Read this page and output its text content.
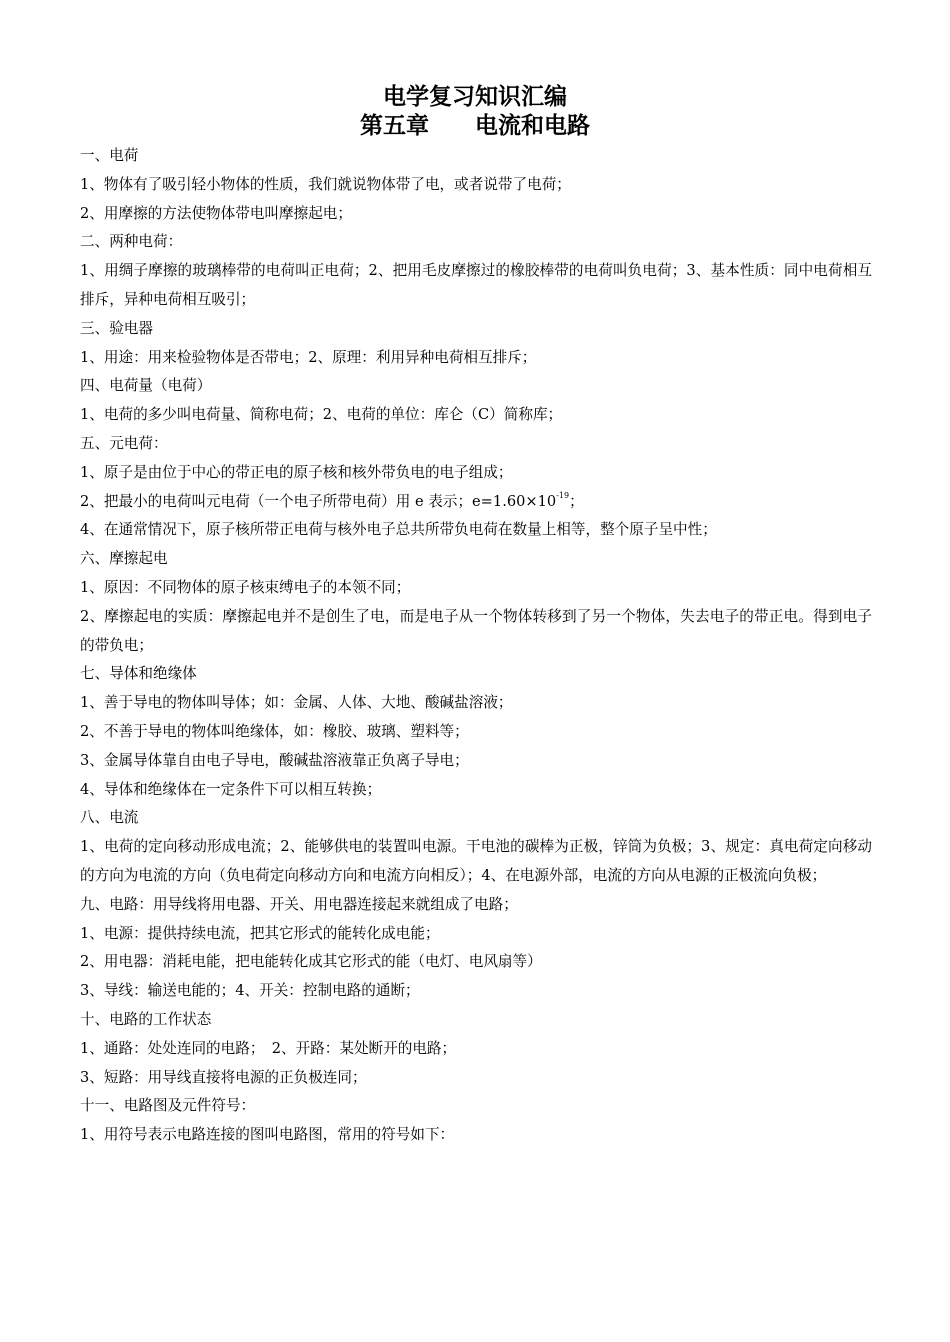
电学复习知识汇编
第五章　　电流和电路
一、电荷
1、物体有了吸引轻小物体的性质，我们就说物体带了电，或者说带了电荷；
2、用摩擦的方法使物体带电叫摩擦起电；
二、两种电荷：
1、用绸子摩擦的玻璃棒带的电荷叫正电荷；2、把用毛皮摩擦过的橡胶棒带的电荷叫负电荷；3、基本性质：同中电荷相互排斥，异种电荷相互吸引；
三、验电器
1、用途：用来检验物体是否带电；2、原理：利用异种电荷相互排斥；
四、电荷量（电荷）
1、电荷的多少叫电荷量、简称电荷；2、电荷的单位：库仑（C）简称库；
五、元电荷：
1、原子是由位于中心的带正电的原子核和核外带负电的电子组成；
2、把最小的电荷叫元电荷（一个电子所带电荷）用 e 表示；$e=1.60\times 10^{-19}$；
4、在通常情况下，原子核所带正电荷与核外电子总共所带负电荷在数量上相等，整个原子呈中性；
六、摩擦起电
1、原因：不同物体的原子核束缚电子的本领不同；
2、摩擦起电的实质：摩擦起电并不是创生了电，而是电子从一个物体转移到了另一个物体，失去电子的带正电。得到电子的带负电；
七、导体和绝缘体
1、善于导电的物体叫导体；如：金属、人体、大地、酸碱盐溶液；
2、不善于导电的物体叫绝缘体，如：橡胶、玻璃、塑料等；
3、金属导体靠自由电子导电，酸碱盐溶液靠正负离子导电；
4、导体和绝缘体在一定条件下可以相互转换；
八、电流
1、电荷的定向移动形成电流；2、能够供电的装置叫电源。干电池的碳棒为正极，锌筒为负极；3、规定：真电荷定向移动的方向为电流的方向（负电荷定向移动方向和电流方向相反）；4、在电源外部，电流的方向从电源的正极流向负极；
九、电路：用导线将用电器、开关、用电器连接起来就组成了电路；
1、电源：提供持续电流，把其它形式的能转化成电能；
2、用电器：消耗电能，把电能转化成其它形式的能（电灯、电风扇等）
3、导线：输送电能的；4、开关：控制电路的通断；
十、电路的工作状态
1、通路：处处连同的电路；　2、开路：某处断开的电路；
3、短路：用导线直接将电源的正负极连同；
十一、电路图及元件符号：
1、用符号表示电路连接的图叫电路图，常用的符号如下：
